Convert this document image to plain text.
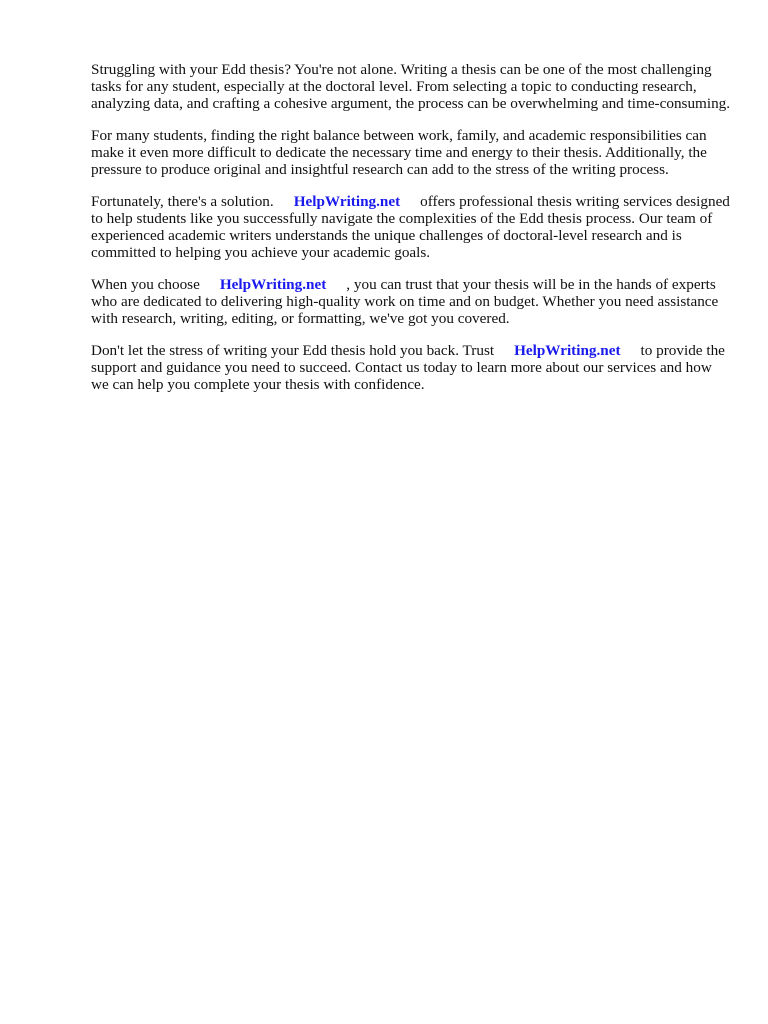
Struggling with your Edd thesis? You're not alone. Writing a thesis can be one of the most challenging tasks for any student, especially at the doctoral level. From selecting a topic to conducting research, analyzing data, and crafting a cohesive argument, the process can be overwhelming and time-consuming.

For many students, finding the right balance between work, family, and academic responsibilities can make it even more difficult to dedicate the necessary time and energy to their thesis. Additionally, the pressure to produce original and insightful research can add to the stress of the writing process.

Fortunately, there's a solution. HelpWriting.net offers professional thesis writing services designed to help students like you successfully navigate the complexities of the Edd thesis process. Our team of experienced academic writers understands the unique challenges of doctoral-level research and is committed to helping you achieve your academic goals.

When you choose HelpWriting.net , you can trust that your thesis will be in the hands of experts who are dedicated to delivering high-quality work on time and on budget. Whether you need assistance with research, writing, editing, or formatting, we've got you covered.

Don't let the stress of writing your Edd thesis hold you back. Trust HelpWriting.net to provide the support and guidance you need to succeed. Contact us today to learn more about our services and how we can help you complete your thesis with confidence.
